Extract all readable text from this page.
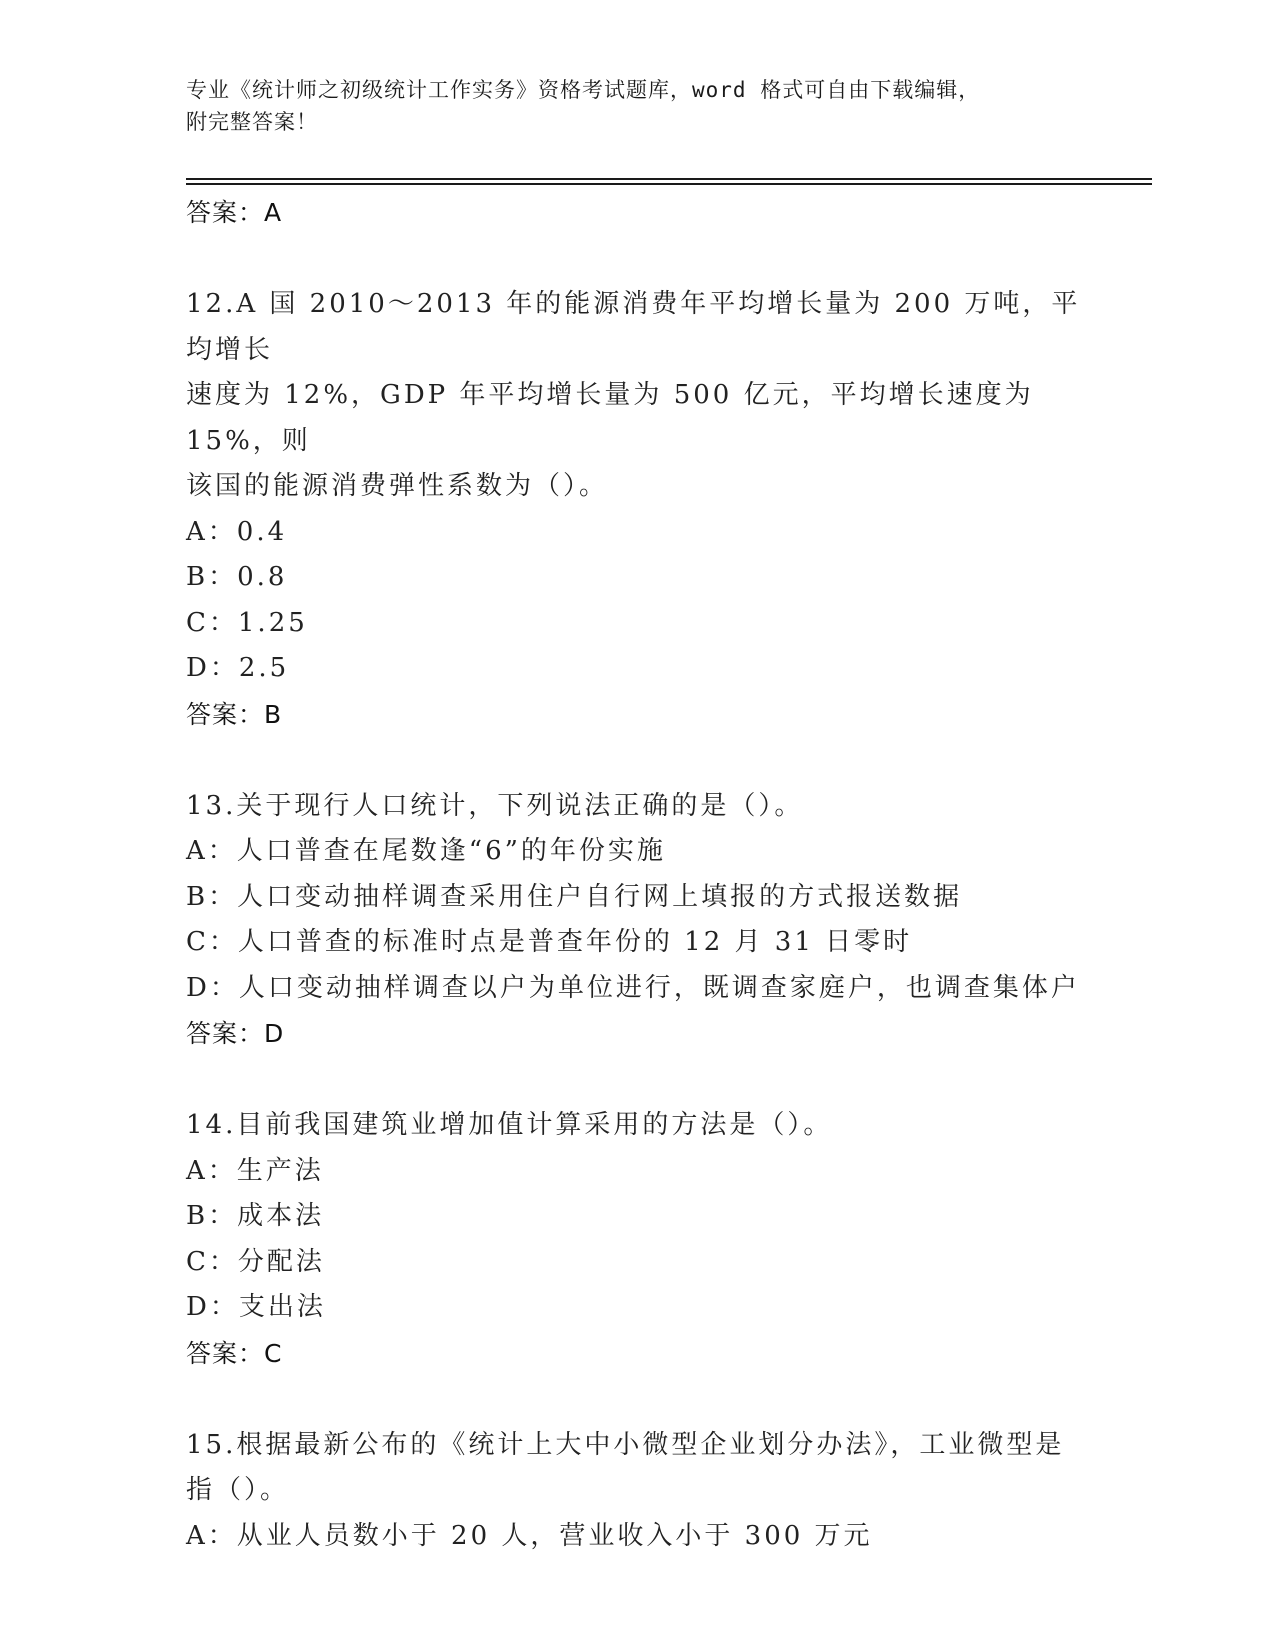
专业《统计师之初级统计工作实务》资格考试题库，word 格式可自由下载编辑，
附完整答案！
答案：A
12.A 国 2010～2013 年的能源消费年平均增长量为 200 万吨，平均增长
速度为 12%，GDP 年平均增长量为 500 亿元，平均增长速度为 15%，则
该国的能源消费弹性系数为（）。
A：0.4
B：0.8
C：1.25
D：2.5
答案：B
13.关于现行人口统计，下列说法正确的是（）。
A：人口普查在尾数逢“6”的年份实施
B：人口变动抽样调查采用住户自行网上填报的方式报送数据
C：人口普查的标准时点是普查年份的 12 月 31 日零时
D：人口变动抽样调查以户为单位进行，既调查家庭户，也调查集体户
答案：D
14.目前我国建筑业增加值计算采用的方法是（）。
A：生产法
B：成本法
C：分配法
D：支出法
答案：C
15.根据最新公布的《统计上大中小微型企业划分办法》，工业微型是
指（）。
A：从业人员数小于 20 人，营业收入小于 300 万元
